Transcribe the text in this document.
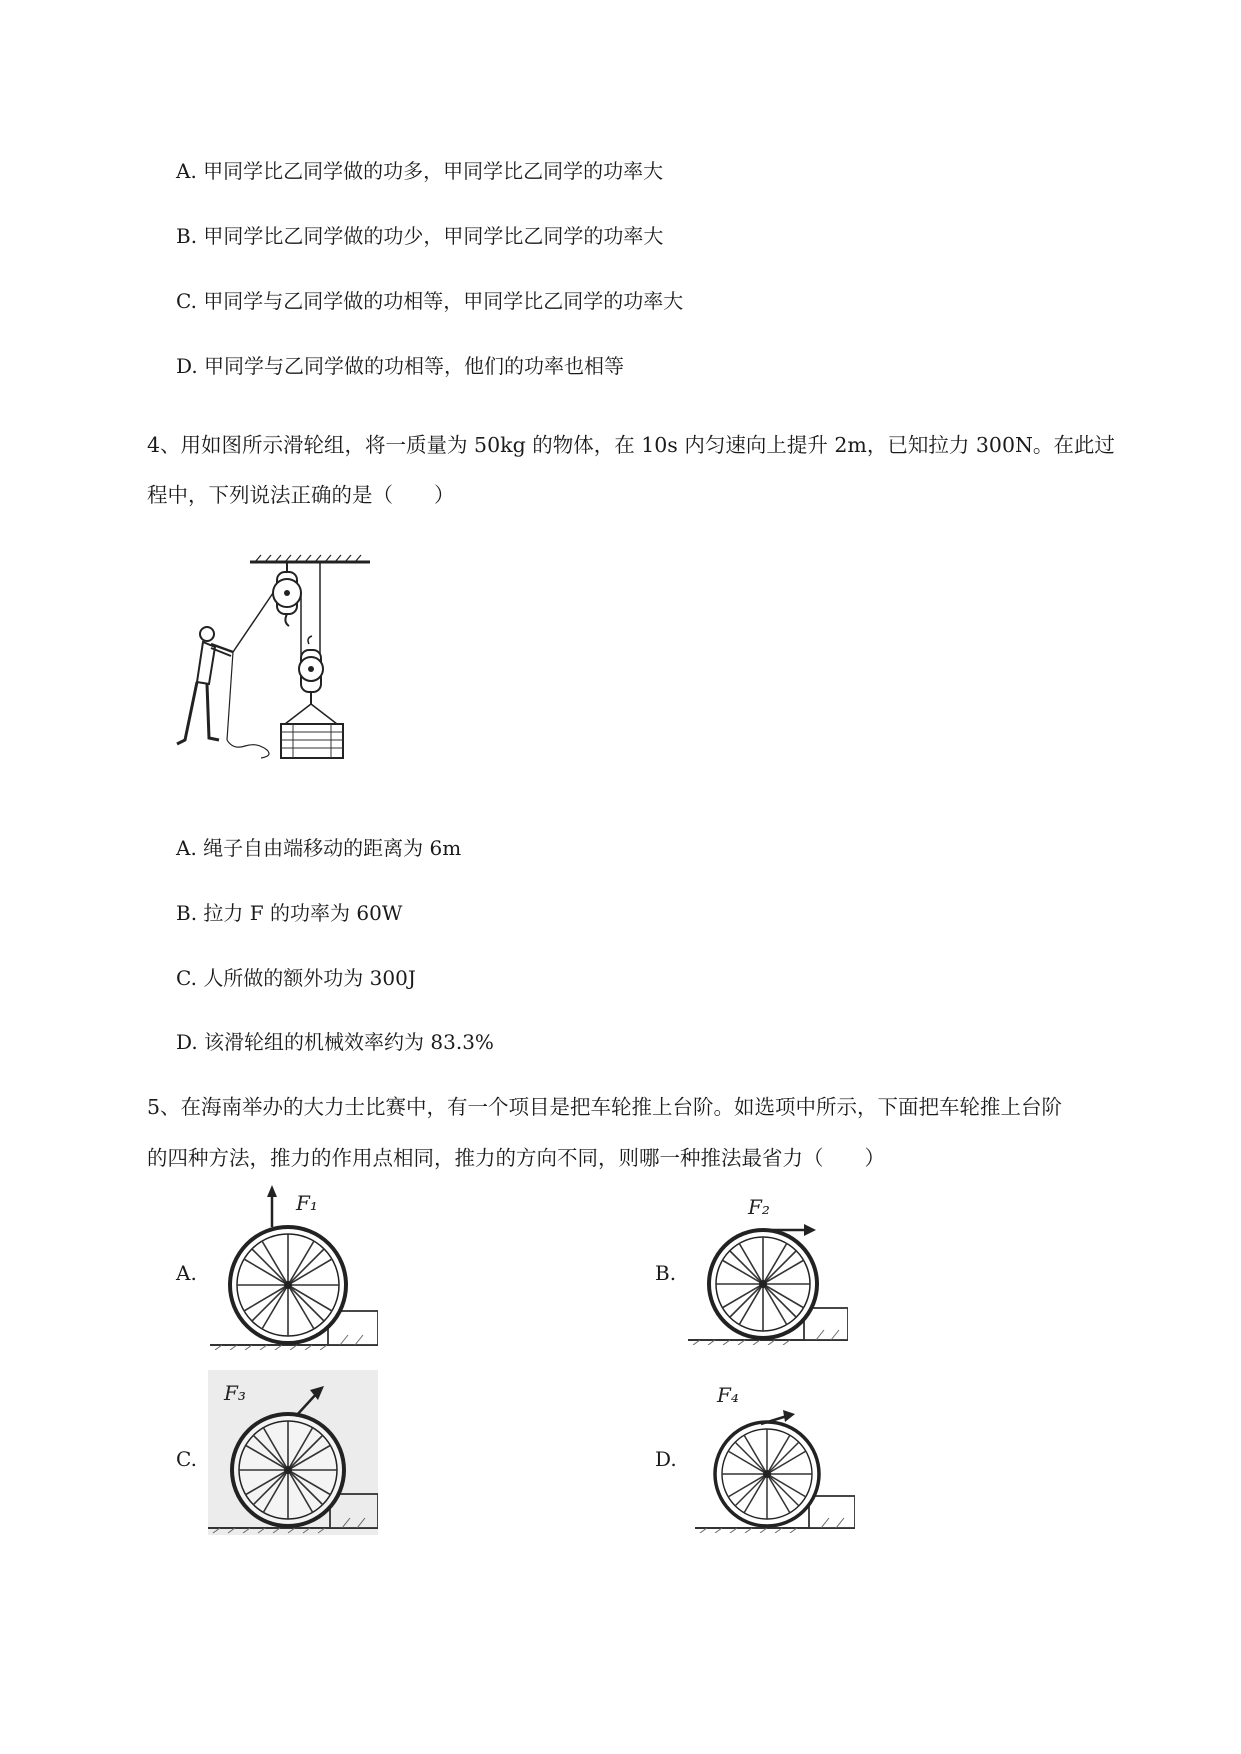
A. 甲同学比乙同学做的功多，甲同学比乙同学的功率大
B. 甲同学比乙同学做的功少，甲同学比乙同学的功率大
C. 甲同学与乙同学做的功相等，甲同学比乙同学的功率大
D. 甲同学与乙同学做的功相等，他们的功率也相等
4、用如图所示滑轮组，将一质量为 50kg 的物体，在 10s 内匀速向上提升 2m，已知拉力 300N。在此过
程中，下列说法正确的是（　　）
A. 绳子自由端移动的距离为 6m
B. 拉力 F 的功率为 60W
C. 人所做的额外功为 300J
D. 该滑轮组的机械效率约为 83.3%
5、在海南举办的大力士比赛中，有一个项目是把车轮推上台阶。如选项中所示，下面把车轮推上台阶
的四种方法，推力的作用点相同，推力的方向不同，则哪一种推法最省力（　　）
A.	B.
C.	D.
F₁	F₂
F₃	F₄
